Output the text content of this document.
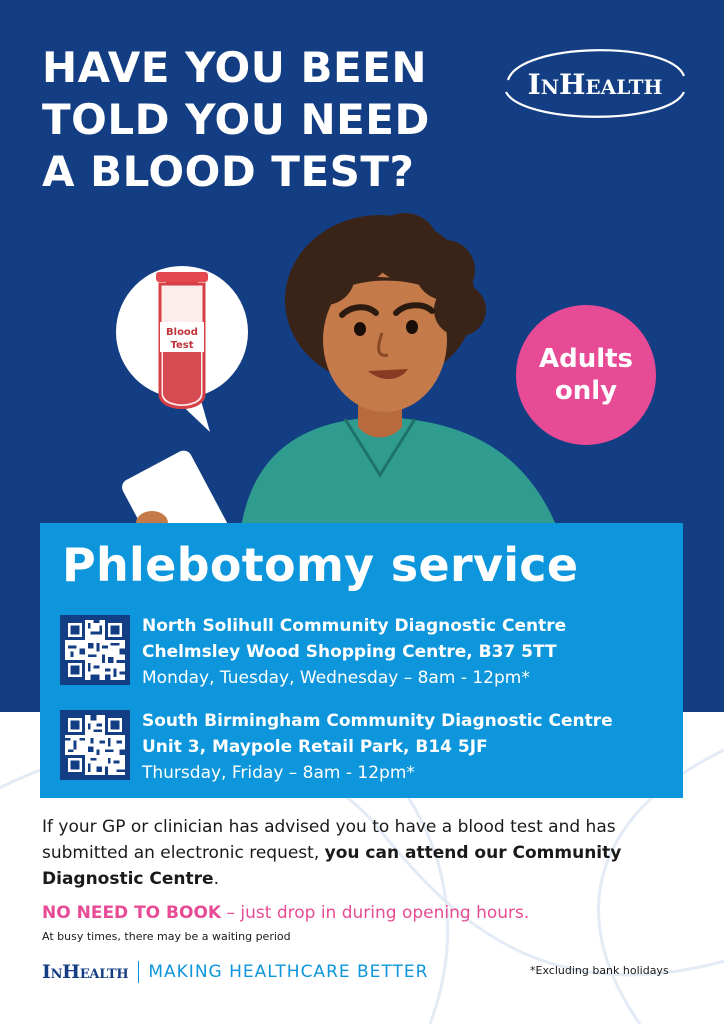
HAVE YOU BEEN
TOLD YOU NEED
A BLOOD TEST?
InHealth
Blood
Test	Adults
only
Phlebotomy service
North Solihull Community Diagnostic Centre
Chelmsley Wood Shopping Centre, B37 5TT
Monday, Tuesday, Wednesday – 8am - 12pm*
South Birmingham Community Diagnostic Centre
Unit 3, Maypole Retail Park, B14 5JF
Thursday, Friday – 8am - 12pm*

If your GP or clinician has advised you to have a blood test and has submitted an electronic request, you can attend our Community Diagnostic Centre.

NO NEED TO BOOK – just drop in during opening hours.

At busy times, there may be a waiting period

InHealth MAKING HEALTHCARE BETTER	*Excluding bank holidays
